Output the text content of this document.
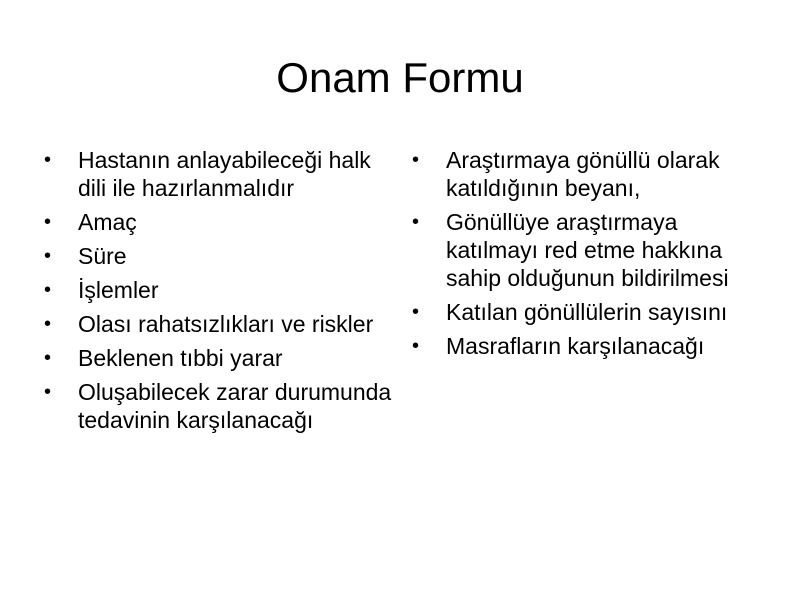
Onam Formu
•	Hastanın anlayabileceği halk dili ile hazırlanmalıdır
•	Amaç
•	Süre
•	İşlemler
•	Olası rahatsızlıkları ve riskler
•	Beklenen tıbbi yarar
•	Oluşabilecek zarar durumunda tedavinin karşılanacağı
•	Araştırmaya gönüllü olarak katıldığının beyanı,
•	Gönüllüye araştırmaya katılmayı red etme hakkına sahip olduğunun bildirilmesi
•	Katılan gönüllülerin sayısını
•	Masrafların karşılanacağı
